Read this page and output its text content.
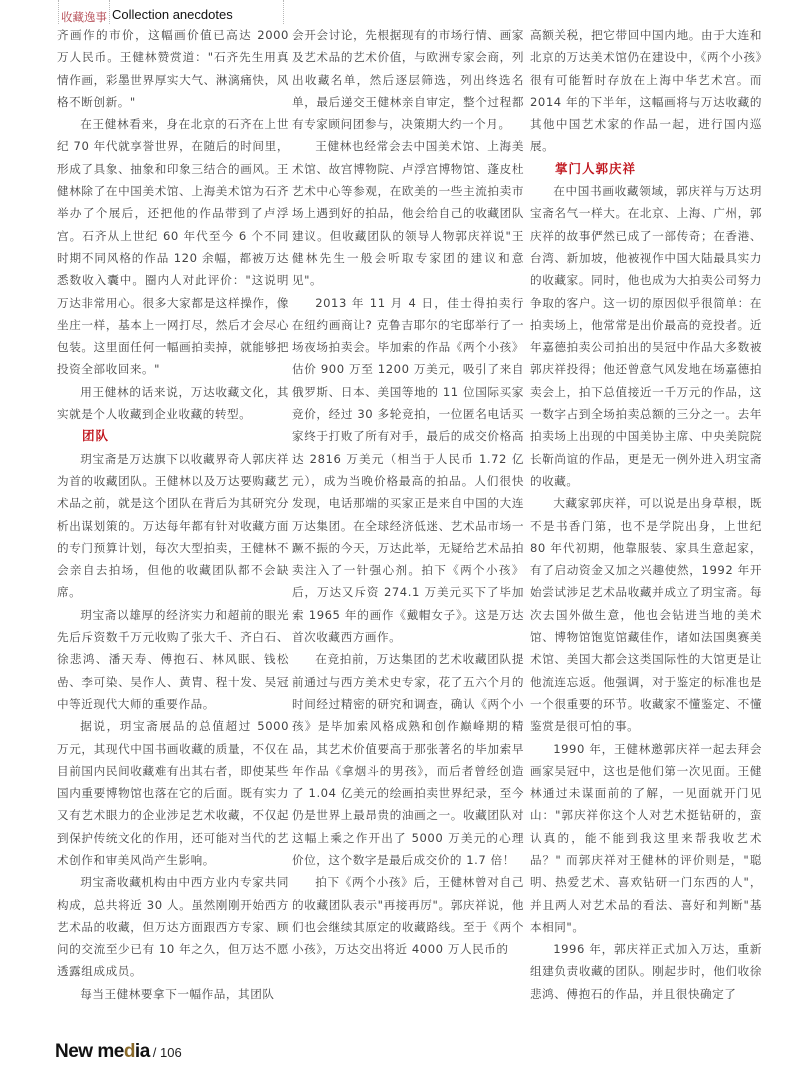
收藏逸事 Collection anecdotes

齐画作的市价，这幅画价值已高达 2000 万人民币。王健林赞赏道："石齐先生用真情作画，彩墨世界厚实大气、淋漓痛快，风格不断创新。"

在王健林看来，身在北京的石齐在上世纪 70 年代就享誉世界，在随后的时间里，形成了具象、抽象和印象三结合的画风。王健林除了在中国美术馆、上海美术馆为石齐举办了个展后，还把他的作品带到了卢浮宫。石齐从上世纪 60 年代至今 6 个不同时期不同风格的作品 120 余幅，都被万达悉数收入囊中。圈内人对此评价："这说明万达非常用心。很多大家都是这样操作，像坐庄一样，基本上一网打尽，然后才会尽心包装。这里面任何一幅画拍卖掉，就能够把投资全部收回来。"

用王健林的话来说，万达收藏文化，其实就是个人收藏到企业收藏的转型。

团队

玥宝斋是万达旗下以收藏界奇人郭庆祥为首的收藏团队。王健林以及万达要购藏艺术品之前，就是这个团队在背后为其研究分析出谋划策的。万达每年都有针对收藏方面的专门预算计划，每次大型拍卖，王健林不会亲自去拍场，但他的收藏团队都不会缺席。

玥宝斋以雄厚的经济实力和超前的眼光先后斥资数千万元收购了张大千、齐白石、徐悲鸿、潘天寿、傅抱石、林风眠、钱松嵒、李可染、吴作人、黄胄、程十发、吴冠中等近现代大师的重要作品。

据说，玥宝斋展品的总值超过 5000 万元，其现代中国书画收藏的质量，不仅在目前国内民间收藏难有出其右者，即使某些国内重要博物馆也落在它的后面。既有实力又有艺术眼力的企业涉足艺术收藏，不仅起到保护传统文化的作用，还可能对当代的艺术创作和审美风尚产生影响。

玥宝斋收藏机构由中西方业内专家共同构成，总共将近 30 人。虽然刚刚开始西方艺术品的收藏，但万达方面跟西方专家、顾问的交流至少已有 10 年之久，但万达不愿透露组成成员。

每当王健林要拿下一幅作品，其团队

会开会讨论，先根据现有的市场行情、画家及艺术品的艺术价值，与欧洲专家会商，列出收藏名单，然后逐层筛选，列出终选名单，最后递交王健林亲自审定，整个过程都有专家顾问团参与，决策期大约一个月。

王健林也经常会去中国美术馆、上海美术馆、故宫博物院、卢浮宫博物馆、蓬皮杜艺术中心等参观，在欧美的一些主流拍卖市场上遇到好的拍品，他会给自己的收藏团队建议。但收藏团队的领导人物郭庆祥说"王健林先生一般会听取专家团的建议和意见"。

2013 年 11 月 4 日，佳士得拍卖行在纽约画商让? 克鲁吉耶尔的宅邸举行了一场夜场拍卖会。毕加索的作品《两个小孩》估价 900 万至 1200 万美元，吸引了来自俄罗斯、日本、美国等地的 11 位国际买家竞价，经过 30 多轮竞拍，一位匿名电话买家终于打败了所有对手，最后的成交价格高达 2816 万美元（相当于人民币 1.72 亿元），成为当晚价格最高的拍品。人们很快发现，电话那端的买家正是来自中国的大连万达集团。在全球经济低迷、艺术品市场一蹶不振的今天，万达此举，无疑给艺术品拍卖注入了一针强心剂。拍下《两个小孩》后，万达又斥资 274.1 万美元买下了毕加索 1965 年的画作《戴帽女子》。这是万达首次收藏西方画作。

在竞拍前，万达集团的艺术收藏团队提前通过与西方美术史专家，花了五六个月的时间经过精密的研究和调查，确认《两个小孩》是毕加索风格成熟和创作巅峰期的精品，其艺术价值要高于那张著名的毕加索早年作品《拿烟斗的男孩》，而后者曾经创造了 1.04 亿美元的绘画拍卖世界纪录，至今仍是世界上最昂贵的油画之一。收藏团队对这幅上乘之作开出了 5000 万美元的心理价位，这个数字是最后成交价的 1.7 倍！

拍下《两个小孩》后，王健林曾对自己的收藏团队表示"再接再厉"。郭庆祥说，他们也会继续其原定的收藏路线。至于《两个小孩》，万达交出将近 4000 万人民币的

高额关税，把它带回中国内地。由于大连和北京的万达美术馆仍在建设中，《两个小孩》很有可能暂时存放在上海中华艺术宫。而 2014 年的下半年，这幅画将与万达收藏的其他中国艺术家的作品一起，进行国内巡展。

掌门人郭庆祥

在中国书画收藏领域，郭庆祥与万达玥宝斋名气一样大。在北京、上海、广州，郭庆祥的故事俨然已成了一部传奇；在香港、台湾、新加坡，他被视作中国大陆最具实力的收藏家。同时，他也成为大拍卖公司努力争取的客户。这一切的原因似乎很简单：在拍卖场上，他常常是出价最高的竞投者。近年嘉德拍卖公司拍出的吴冠中作品大多数被郭庆祥投得；他还曾意气风发地在场嘉德拍卖会上，拍下总值接近一千万元的作品，这一数字占到全场拍卖总额的三分之一。去年拍卖场上出现的中国美协主席、中央美院院长靳尚谊的作品，更是无一例外进入玥宝斋的收藏。

大藏家郭庆祥，可以说是出身草根，既不是书香门第，也不是学院出身，上世纪 80 年代初期，他靠服装、家具生意起家，有了启动资金又加之兴趣使然，1992 年开始尝试涉足艺术品收藏并成立了玥宝斋。每次去国外做生意，他也会钻进当地的美术馆、博物馆饱览馆藏佳作，诸如法国奥赛美术馆、美国大都会这类国际性的大馆更是让他流连忘返。他强调，对于鉴定的标准也是一个很重要的环节。收藏家不懂鉴定、不懂鉴赏是很可怕的事。

1990 年，王健林邀郭庆祥一起去拜会画家吴冠中，这也是他们第一次见面。王健林通过未谋面前的了解，一见面就开门见山："郭庆祥你这个人对艺术挺钻研的，蛮认真的，能不能到我这里来帮我收艺术品？" 而郭庆祥对王健林的评价则是，"聪明、热爱艺术、喜欢钻研一门东西的人"，并且两人对艺术品的看法、喜好和判断"基本相同"。

1996 年，郭庆祥正式加入万达，重新组建负责收藏的团队。刚起步时，他们收徐悲鸿、傅抱石的作品，并且很快确定了

New media / 106
